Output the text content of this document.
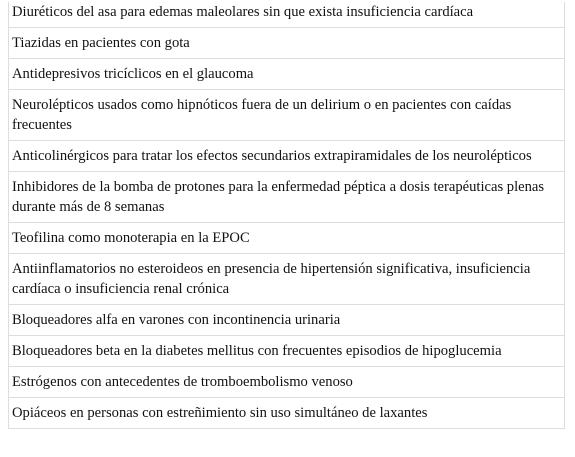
Diuréticos del asa para edemas maleolares sin que exista insuficiencia cardíaca
Tiazidas en pacientes con gota
Antidepresivos tricíclicos en el glaucoma
Neurolépticos usados como hipnóticos fuera de un delirium o en pacientes con caídas frecuentes
Anticolinérgicos para tratar los efectos secundarios extrapiramidales de los neurolépticos
Inhibidores de la bomba de protones para la enfermedad péptica a dosis terapéuticas plenas durante más de 8 semanas
Teofilina como monoterapia en la EPOC
Antiinflamatorios no esteroideos en presencia de hipertensión significativa, insuficiencia cardíaca o insuficiencia renal crónica
Bloqueadores alfa en varones con incontinencia urinaria
Bloqueadores beta en la diabetes mellitus con frecuentes episodios de hipoglucemia
Estrógenos con antecedentes de tromboembolismo venoso
Opiáceos en personas con estreñimiento sin uso simultáneo de laxantes
